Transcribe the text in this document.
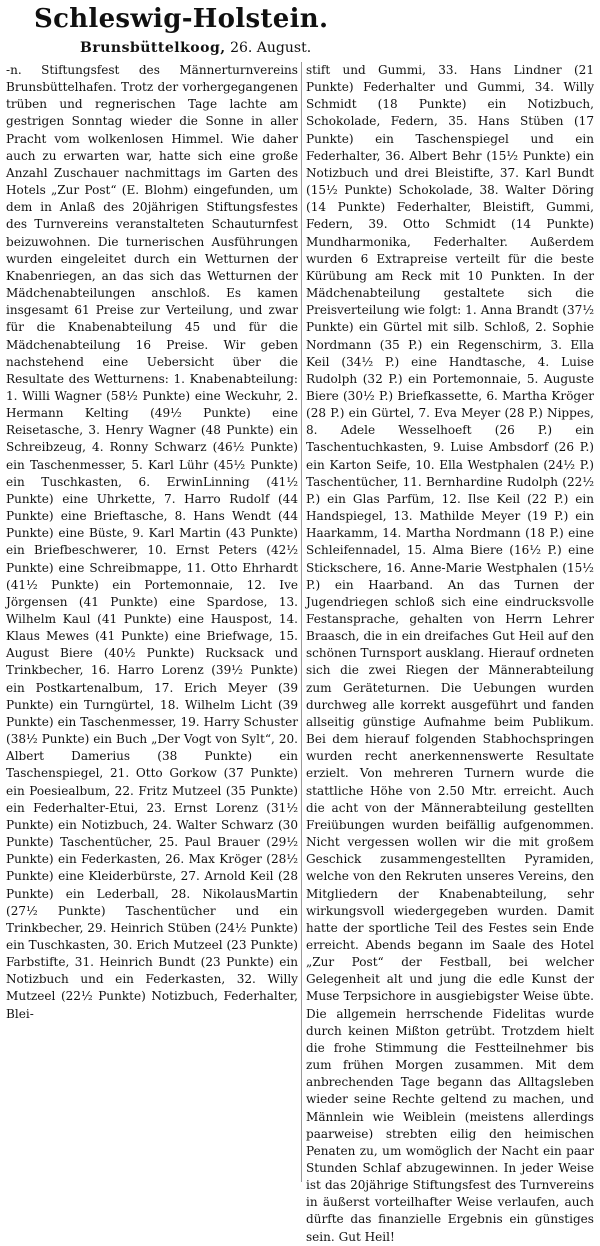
Schleswig-Holstein.
Brunsbüttelkoog, 26. August.

-n. Stiftungsfest des Männerturnvereins Brunsbüttelhafen. Trotz der vorhergegangenen trüben und regnerischen Tage lachte am gestrigen Sonntag wieder die Sonne in aller Pracht vom wolkenlosen Himmel. Wie daher auch zu erwarten war, hatte sich eine große Anzahl Zuschauer nachmittags im Garten des Hotels „Zur Post“ (E. Blohm) eingefunden, um dem in Anlaß des 20jährigen Stiftungsfestes des Turnvereins veranstalteten Schauturnfest beizuwohnen. Die turnerischen Ausführungen wurden eingeleitet durch ein Wetturnen der Knabenriegen, an das sich das Wetturnen der Mädchenabteilungen anschloß. Es kamen insgesamt 61 Preise zur Verteilung, und zwar für die Knabenabteilung 45 und für die Mädchenabteilung 16 Preise. Wir geben nachstehend eine Uebersicht über die Resultate des Wetturnens: 1. Knabenabteilung: 1. Willi Wagner (58½ Punkte) eine Weckuhr, 2. Hermann Kelting (49½ Punkte) eine Reisetasche, 3. Henry Wagner (48 Punkte) ein Schreibzeug, 4. Ronny Schwarz (46½ Punkte) ein Taschenmesser, 5. Karl Lühr (45½ Punkte) ein Tuschkasten, 6. ErwinLinning (41½ Punkte) eine Uhrkette, 7. Harro Rudolf (44 Punkte) eine Brieftasche, 8. Hans Wendt (44 Punkte) eine Büste, 9. Karl Martin (43 Punkte) ein Briefbeschwerer, 10. Ernst Peters (42½ Punkte) eine Schreibmappe, 11. Otto Ehrhardt (41½ Punkte) ein Portemonnaie, 12. Ive Jörgensen (41 Punkte) eine Spardose, 13. Wilhelm Kaul (41 Punkte) eine Hauspost, 14. Klaus Mewes (41 Punkte) eine Briefwage, 15. August Biere (40½ Punkte) Rucksack und Trinkbecher, 16. Harro Lorenz (39½ Punkte) ein Postkartenalbum, 17. Erich Meyer (39 Punkte) ein Turngürtel, 18. Wilhelm Licht (39 Punkte) ein Taschenmesser, 19. Harry Schuster (38½ Punkte) ein Buch „Der Vogt von Sylt“, 20. Albert Damerius (38 Punkte) ein Taschenspiegel, 21. Otto Gorkow (37 Punkte) ein Poesiealbum, 22. Fritz Mutzeel (35 Punkte) ein Federhalter-Etui, 23. Ernst Lorenz (31½ Punkte) ein Notizbuch, 24. Walter Schwarz (30 Punkte) Taschentücher, 25. Paul Brauer (29½ Punkte) ein Federkasten, 26. Max Kröger (28½ Punkte) eine Kleiderbürste, 27. Arnold Keil (28 Punkte) ein Lederball, 28. NikolausMartin (27½ Punkte) Taschentücher und ein Trinkbecher, 29. Heinrich Stüben (24½ Punkte) ein Tuschkasten, 30. Erich Mutzeel (23 Punkte) Farbstifte, 31. Heinrich Bundt (23 Punkte) ein Notizbuch und ein Federkasten, 32. Willy Mutzeel (22½ Punkte) Notizbuch, Federhalter, Blei-

stift und Gummi, 33. Hans Lindner (21 Punkte) Federhalter und Gummi, 34. Willy Schmidt (18 Punkte) ein Notizbuch, Schokolade, Federn, 35. Hans Stüben (17 Punkte) ein Taschenspiegel und ein Federhalter, 36. Albert Behr (15½ Punkte) ein Notizbuch und drei Bleistifte, 37. Karl Bundt (15½ Punkte) Schokolade, 38. Walter Döring (14 Punkte) Federhalter, Bleistift, Gummi, Federn, 39. Otto Schmidt (14 Punkte) Mundharmonika, Federhalter. Außerdem wurden 6 Extrapreise verteilt für die beste Kürübung am Reck mit 10 Punkten. In der Mädchenabteilung gestaltete sich die Preisverteilung wie folgt: 1. Anna Brandt (37½ Punkte) ein Gürtel mit silb. Schloß, 2. Sophie Nordmann (35 P.) ein Regenschirm, 3. Ella Keil (34½ P.) eine Handtasche, 4. Luise Rudolph (32 P.) ein Portemonnaie, 5. Auguste Biere (30½ P.) Briefkassette, 6. Martha Kröger (28 P.) ein Gürtel, 7. Eva Meyer (28 P.) Nippes, 8. Adele Wesselhoeft (26 P.) ein Taschentuchkasten, 9. Luise Ambsdorf (26 P.) ein Karton Seife, 10. Ella Westphalen (24½ P.) Taschentücher, 11. Bernhardine Rudolph (22½ P.) ein Glas Parfüm, 12. Ilse Keil (22 P.) ein Handspiegel, 13. Mathilde Meyer (19 P.) ein Haarkamm, 14. Martha Nordmann (18 P.) eine Schleifennadel, 15. Alma Biere (16½ P.) eine Stickschere, 16. Anne-Marie Westphalen (15½ P.) ein Haarband. An das Turnen der Jugendriegen schloß sich eine eindrucksvolle Festansprache, gehalten von Herrn Lehrer Braasch, die in ein dreifaches Gut Heil auf den schönen Turnsport ausklang. Hierauf ordneten sich die zwei Riegen der Männerabteilung zum Geräteturnen. Die Uebungen wurden durchweg alle korrekt ausgeführt und fanden allseitig günstige Aufnahme beim Publikum. Bei dem hierauf folgenden Stabhochspringen wurden recht anerkennenswerte Resultate erzielt. Von mehreren Turnern wurde die stattliche Höhe von 2.50 Mtr. erreicht. Auch die acht von der Männerabteilung gestellten Freiübungen wurden beifällig aufgenommen. Nicht vergessen wollen wir die mit großem Geschick zusammengestellten Pyramiden, welche von den Rekruten unseres Vereins, den Mitgliedern der Knabenabteilung, sehr wirkungsvoll wiedergegeben wurden. Damit hatte der sportliche Teil des Festes sein Ende erreicht. Abends begann im Saale des Hotel „Zur Post“ der Festball, bei welcher Gelegenheit alt und jung die edle Kunst der Muse Terpsichore in ausgiebigster Weise übte. Die allgemein herrschende Fidelitas wurde durch keinen Mißton getrübt. Trotzdem hielt die frohe Stimmung die Festteilnehmer bis zum frühen Morgen zusammen. Mit dem anbrechenden Tage begann das Alltagsleben wieder seine Rechte geltend zu machen, und Männlein wie Weiblein (meistens allerdings paarweise) strebten eilig den heimischen Penaten zu, um womöglich der Nacht ein paar Stunden Schlaf abzugewinnen. In jeder Weise ist das 20jährige Stiftungsfest des Turnvereins in äußerst vorteilhafter Weise verlaufen, auch dürfte das finanzielle Ergebnis ein günstiges sein. Gut Heil!
